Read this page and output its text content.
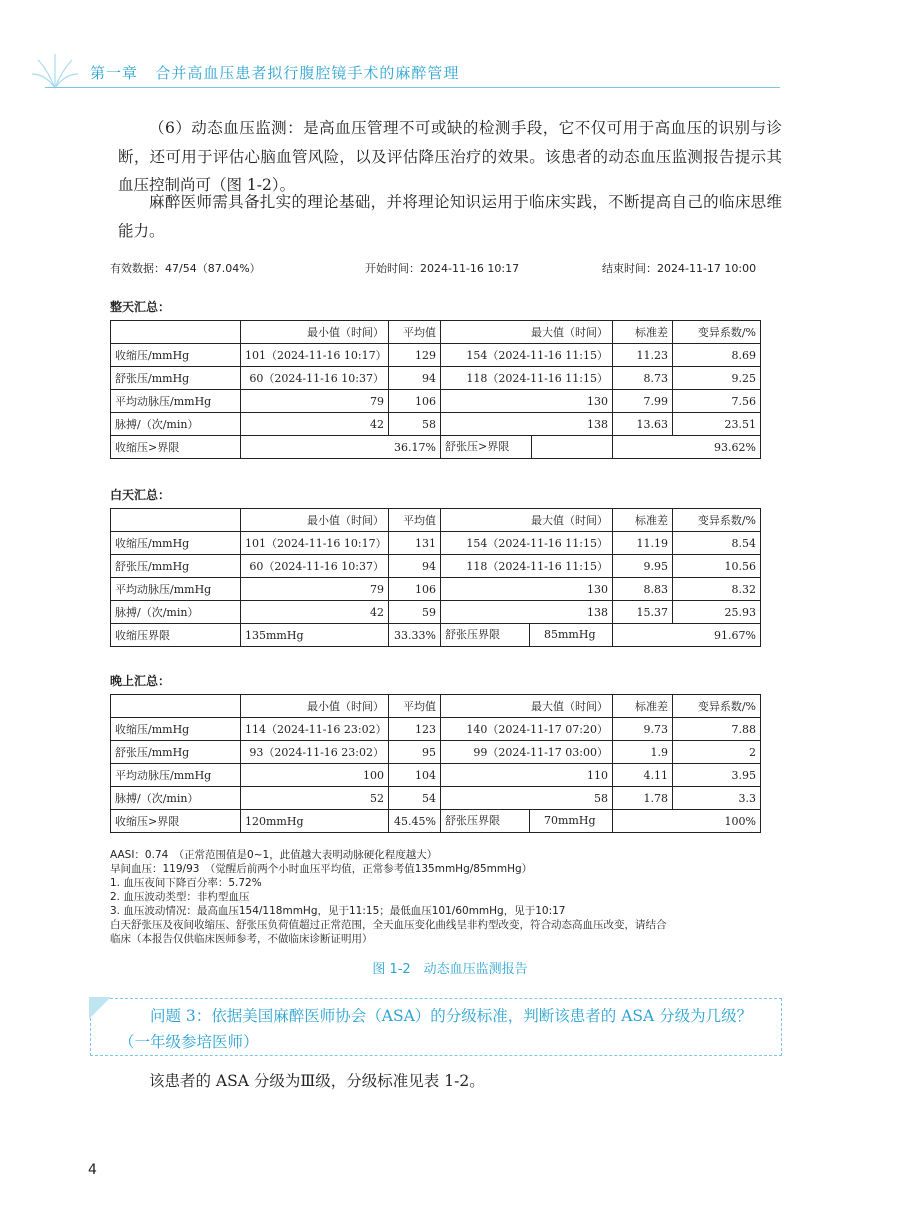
第一章 合并高血压患者拟行腹腔镜手术的麻醉管理
（6）动态血压监测：是高血压管理不可或缺的检测手段，它不仅可用于高血压的识别与诊断，还可用于评估心脑血管风险，以及评估降压治疗的效果。该患者的动态血压监测报告提示其血压控制尚可（图 1-2）。
麻醉医师需具备扎实的理论基础，并将理论知识运用于临床实践，不断提高自己的临床思维能力。
有效数据：47/54（87.04%）	开始时间：2024-11-16 10:17	结束时间：2024-11-17 10:00
整天汇总：
	最小值（时间）	平均值	最大值（时间）	标准差	变异系数/%
收缩压/mmHg	101（2024-11-16 10:17）	129	154（2024-11-16 11:15）	11.23	8.69
舒张压/mmHg	60（2024-11-16 10:37）	94	118（2024-11-16 11:15）	8.73	9.25
平均动脉压/mmHg	79	106	130	7.99	7.56
脉搏/（次/min）	42	58	138	13.63	23.51
收缩压>界限	36.17%		舒张压>界限	93.62%	
白天汇总：
	最小值（时间）	平均值	最大值（时间）	标准差	变异系数/%
收缩压/mmHg	101（2024-11-16 10:17）	131	154（2024-11-16 11:15）	11.19	8.54
舒张压/mmHg	60（2024-11-16 10:37）	94	118（2024-11-16 11:15）	9.95	10.56
平均动脉压/mmHg	79	106	130	8.83	8.32
脉搏/（次/min）	42	59	138	15.37	25.93
收缩压界限	135mmHg	33.33%	舒张压界限 85mmHg	91.67%	
晚上汇总：
	最小值（时间）	平均值	最大值（时间）	标准差	变异系数/%
收缩压/mmHg	114（2024-11-16 23:02）	123	140（2024-11-17 07:20）	9.73	7.88
舒张压/mmHg	93（2024-11-16 23:02）	95	99（2024-11-17 03:00）	1.9	2
平均动脉压/mmHg	100	104	110	4.11	3.95
脉搏/（次/min）	52	54	58	1.78	3.3
收缩压>界限	120mmHg	45.45%	舒张压界限 70mmHg	100%	
AASI：0.74　（正常范围值是0~1，此值越大表明动脉硬化程度越大）
早间血压：119/93　（觉醒后前两个小时血压平均值，正常参考值135mmHg/85mmHg）
1. 血压夜间下降百分率：5.72%
2. 血压波动类型：非杓型血压
3. 血压波动情况：最高血压154/118mmHg，见于11:15；最低血压101/60mmHg，见于10:17
白天舒张压及夜间收缩压、舒张压负荷值超过正常范围，全天血压变化曲线呈非杓型改变，符合动态高血压改变，请结合
临床（本报告仅供临床医师参考，不做临床诊断证明用）
图 1-2　动态血压监测报告
问题 3：依据美国麻醉医师协会（ASA）的分级标准，判断该患者的 ASA 分级为几级？（一年级参培医师）
该患者的 ASA 分级为Ⅲ级，分级标准见表 1-2。
4
